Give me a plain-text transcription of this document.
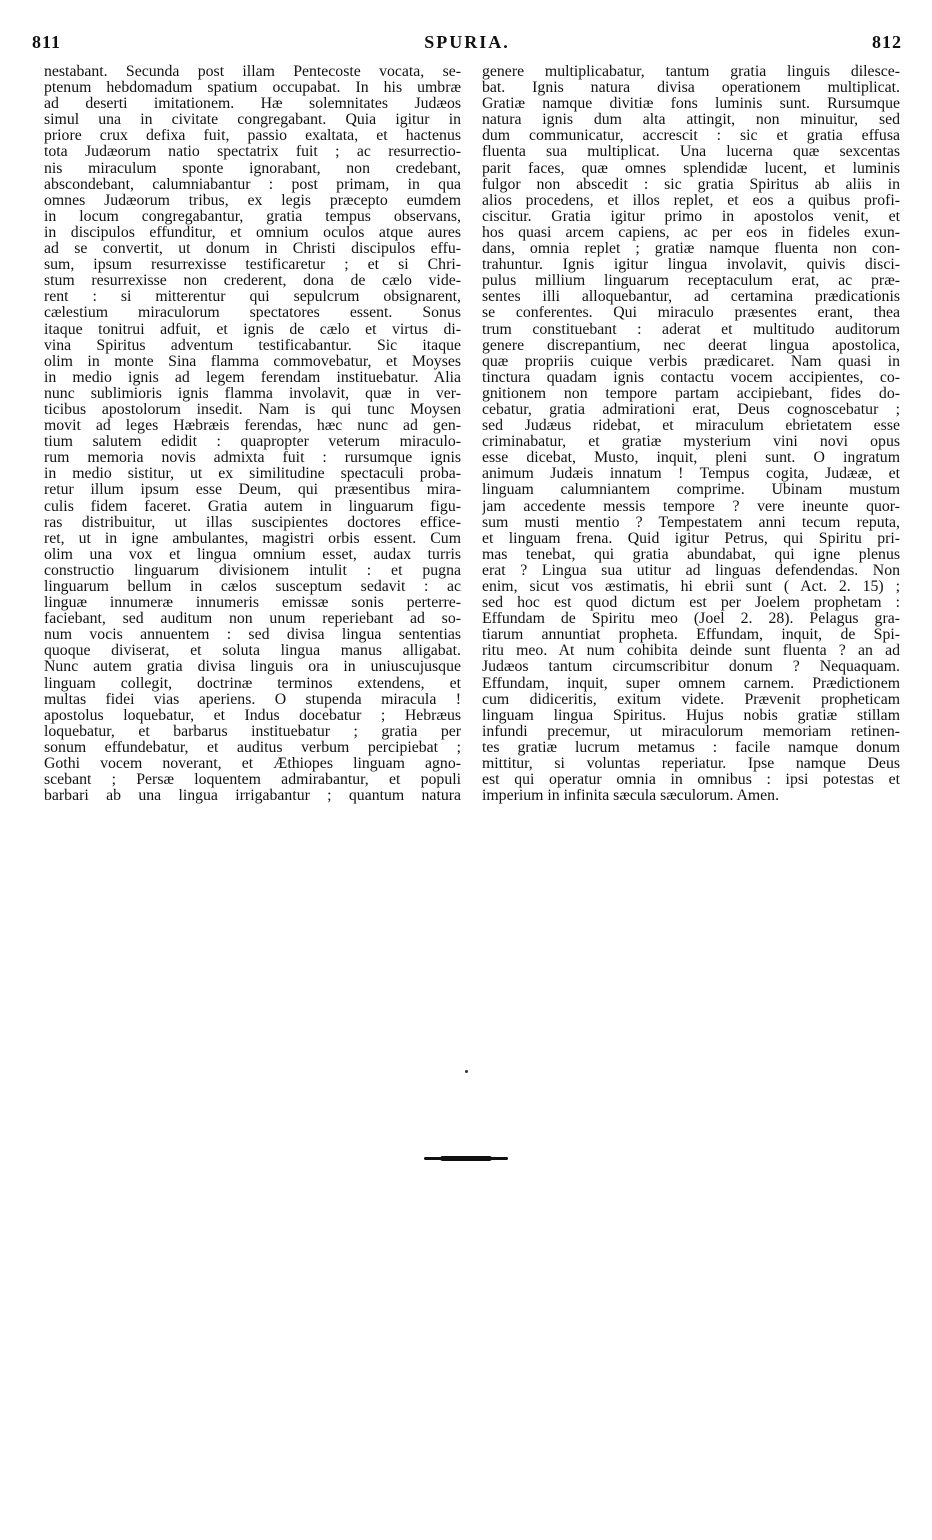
811	SPURIA.	812
nestabant. Secunda post illam Pentecoste vocata, se-
ptenum hebdomadum spatium occupabat. In his umbræ
ad deserti imitationem. Hæ solemnitates Judæos
simul una in civitate congregabant. Quia igitur in
priore crux defixa fuit, passio exaltata, et hactenus
tota Judæorum natio spectatrix fuit ; ac resurrectio-
nis miraculum sponte ignorabant, non credebant,
abscondebant, calumniabantur : post primam, in qua
omnes Judæorum tribus, ex legis præcepto eumdem
in locum congregabantur, gratia tempus observans,
in discipulos effunditur, et omnium oculos atque aures
ad se convertit, ut donum in Christi discipulos effu-
sum, ipsum resurrexisse testificaretur ; et si Chri-
stum resurrexisse non crederent, dona de cælo vide-
rent : si mitterentur qui sepulcrum obsignarent,
cælestium miraculorum spectatores essent. Sonus
itaque tonitrui adfuit, et ignis de cælo et virtus di-
vina Spiritus adventum testificabantur. Sic itaque
olim in monte Sina flamma commovebatur, et Moyses
in medio ignis ad legem ferendam instituebatur. Alia
nunc sublimioris ignis flamma involavit, quæ in ver-
ticibus apostolorum insedit. Nam is qui tunc Moysen
movit ad leges Hæbræis ferendas, hæc nunc ad gen-
tium salutem edidit : quapropter veterum miraculo-
rum memoria novis admixta fuit : rursumque ignis
in medio sistitur, ut ex similitudine spectaculi proba-
retur illum ipsum esse Deum, qui præsentibus mira-
culis fidem faceret. Gratia autem in linguarum figu-
ras distribuitur, ut illas suscipientes doctores effice-
ret, ut in igne ambulantes, magistri orbis essent. Cum
olim una vox et lingua omnium esset, audax turris
constructio linguarum divisionem intulit : et pugna
linguarum bellum in cælos susceptum sedavit : ac
linguæ innumeræ innumeris emissæ sonis perterre-
faciebant, sed auditum non unum reperiebant ad so-
num vocis annuentem : sed divisa lingua sententias
quoque diviserat, et soluta lingua manus alligabat.
Nunc autem gratia divisa linguis ora in uniuscujusque
linguam collegit, doctrinæ terminos extendens, et
multas fidei vias aperiens. O stupenda miracula !
apostolus loquebatur, et Indus docebatur ; Hebræus
loquebatur, et barbarus instituebatur ; gratia per
sonum effundebatur, et auditus verbum percipiebat ;
Gothi vocem noverant, et Æthiopes linguam agno-
scebant ; Persæ loquentem admirabantur, et populi
barbari ab una lingua irrigabantur ; quantum natura
genere multiplicabatur, tantum gratia linguis dilesce-
bat. Ignis natura divisa operationem multiplicat.
Gratiæ namque divitiæ fons luminis sunt. Rursumque
natura ignis dum alta attingit, non minuitur, sed
dum communicatur, accrescit : sic et gratia effusa
fluenta sua multiplicat. Una lucerna quæ sexcentas
parit faces, quæ omnes splendidæ lucent, et luminis
fulgor non abscedit : sic gratia Spiritus ab aliis in
alios procedens, et illos replet, et eos a quibus profi-
ciscitur. Gratia igitur primo in apostolos venit, et
hos quasi arcem capiens, ac per eos in fideles exun-
dans, omnia replet ; gratiæ namque fluenta non con-
trahuntur. Ignis igitur lingua involavit, quivis disci-
pulus millium linguarum receptaculum erat, ac præ-
sentes illi alloquebantur, ad certamina prædicationis
se conferentes. Qui miraculo præsentes erant, thea
trum constituebant : aderat et multitudo auditorum
genere discrepantium, nec deerat lingua apostolica,
quæ propriis cuique verbis prædicaret. Nam quasi in
tinctura quadam ignis contactu vocem accipientes, co-
gnitionem non tempore partam accipiebant, fides do-
cebatur, gratia admirationi erat, Deus cognoscebatur ;
sed Judæus ridebat, et miraculum ebrietatem esse
criminabatur, et gratiæ mysterium vini novi opus
esse dicebat, Musto, inquit, pleni sunt. O ingratum
animum Judæis innatum ! Tempus cogita, Judææ, et
linguam calumniantem comprime. Ubinam mustum
jam accedente messis tempore ? vere ineunte quor-
sum musti mentio ? Tempestatem anni tecum reputa,
et linguam frena. Quid igitur Petrus, qui Spiritu pri-
mas tenebat, qui gratia abundabat, qui igne plenus
erat ? Lingua sua utitur ad linguas defendendas. Non
enim, sicut vos æstimatis, hi ebrii sunt ( Act. 2. 15) ;
sed hoc est quod dictum est per Joelem prophetam :
Effundam de Spiritu meo (Joel 2. 28). Pelagus gra-
tiarum annuntiat propheta. Effundam, inquit, de Spi-
ritu meo. At num cohibita deinde sunt fluenta ? an ad
Judæos tantum circumscribitur donum ? Nequaquam.
Effundam, inquit, super omnem carnem. Prædictionem
cum didiceritis, exitum videte. Prævenit propheticam
linguam lingua Spiritus. Hujus nobis gratiæ stillam
infundi precemur, ut miraculorum memoriam retinen-
tes gratiæ lucrum metamus : facile namque donum
mittitur, si voluntas reperiatur. Ipse namque Deus
est qui operatur omnia in omnibus : ipsi potestas et
imperium in infinita sæcula sæculorum. Amen.
